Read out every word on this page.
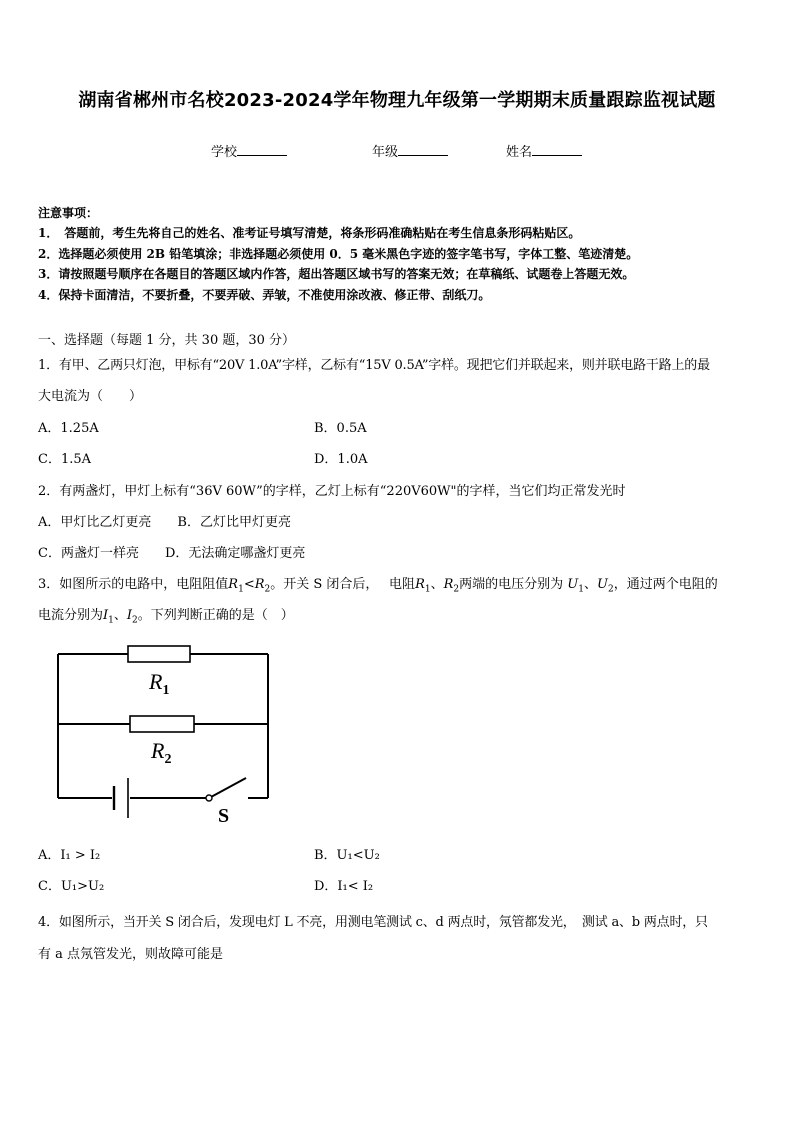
湖南省郴州市名校2023-2024学年物理九年级第一学期期末质量跟踪监视试题
学校	年级	姓名
注意事项：
1．　答题前，考生先将自己的姓名、准考证号填写清楚，将条形码准确粘贴在考生信息条形码粘贴区。
2．选择题必须使用 2B 铅笔填涂；非选择题必须使用 0．5 毫米黑色字迹的签字笔书写，字体工整、笔迹清楚。
3．请按照题号顺序在各题目的答题区域内作答，超出答题区域书写的答案无效；在草稿纸、试题卷上答题无效。
4．保持卡面清洁，不要折叠，不要弄破、弄皱，不准使用涂改液、修正带、刮纸刀。
一、选择题（每题 1 分，共 30 题，30 分）
1．有甲、乙两只灯泡，甲标有“20V 1.0A”字样，乙标有“15V 0.5A”字样。现把它们并联起来，则并联电路干路上的最
大电流为（　　）
A．1.25A	B．0.5A
C．1.5A	D．1.0A
2．有两盏灯，甲灯上标有“36V 60W”的字样，乙灯上标有“220V60W"的字样，当它们均正常发光时
A．甲灯比乙灯更亮　　B．乙灯比甲灯更亮
C．两盏灯一样亮　　D．无法确定哪盏灯更亮
3．如图所示的电路中，电阻阻值$R_1<R_2$。开关 S 闭合后，　 电阻$R_1$、$R_2$两端的电压分别为 $U_1$、$U_2$，通过两个电阻的
电流分别为$I_1$、$I_2$。下列判断正确的是（　）
$R_1$
$R_2$
S
A．I₁ > I₂	B．U₁<U₂
C．U₁>U₂	D．I₁< I₂
4．如图所示，当开关 S 闭合后，发现电灯 L 不亮，用测电笔测试 c、d 两点时，氖管都发光，　测试 a、b 两点时，只
有 a 点氖管发光，则故障可能是
